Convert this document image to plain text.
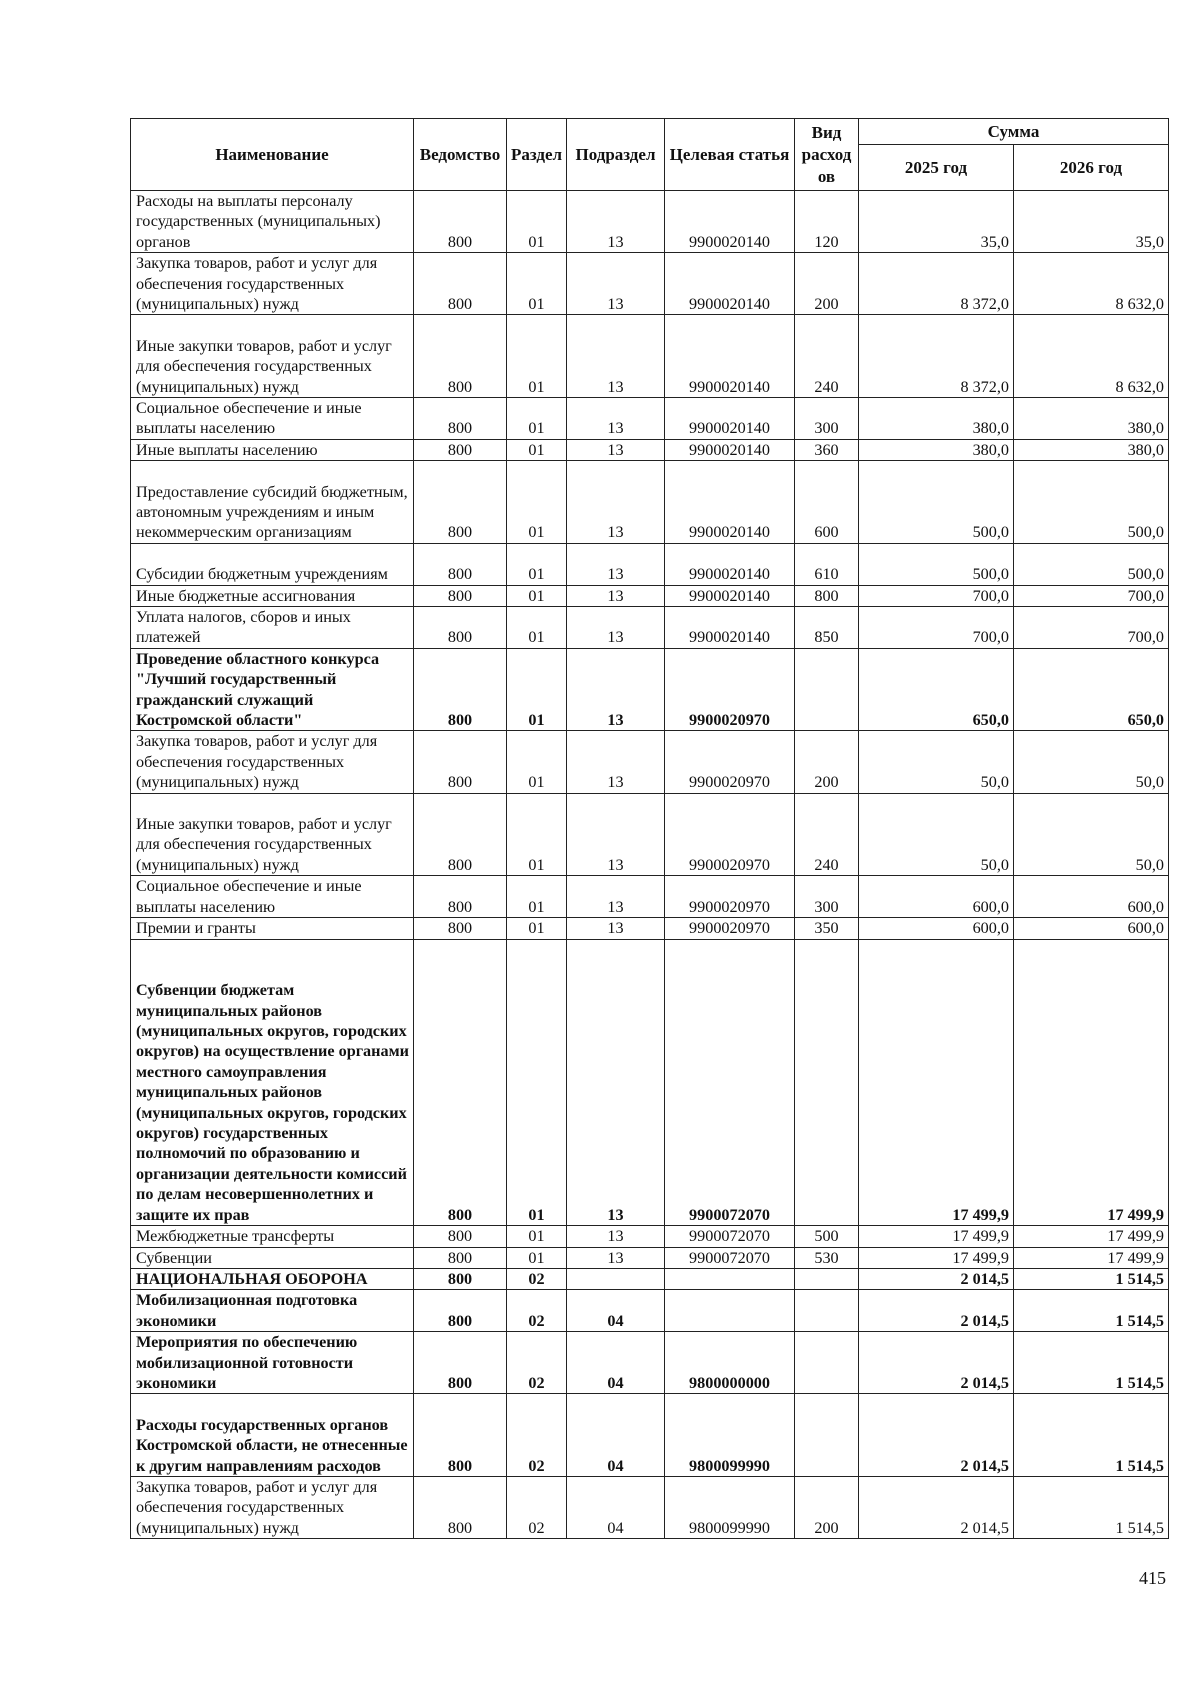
Наименование	Ведомство	Раздел	Подраздел	Целевая статья	Вид расход ов	Сумма	
						2025 год	2026 год
Расходы на выплаты персоналу государственных (муниципальных) органов	800	01	13	9900020140	120	35,0	35,0
Закупка товаров, работ и услуг для обеспечения государственных (муниципальных) нужд	800	01	13	9900020140	200	8 372,0	8 632,0
Иные закупки товаров, работ и услуг для обеспечения государственных (муниципальных) нужд	800	01	13	9900020140	240	8 372,0	8 632,0
Социальное обеспечение и иные выплаты населению	800	01	13	9900020140	300	380,0	380,0
Иные выплаты населению	800	01	13	9900020140	360	380,0	380,0
Предоставление субсидий бюджетным, автономным учреждениям и иным некоммерческим организациям	800	01	13	9900020140	600	500,0	500,0
Субсидии бюджетным учреждениям	800	01	13	9900020140	610	500,0	500,0
Иные бюджетные ассигнования	800	01	13	9900020140	800	700,0	700,0
Уплата налогов, сборов и иных платежей	800	01	13	9900020140	850	700,0	700,0
Проведение областного конкурса "Лучший государственный гражданский служащий Костромской области"	800	01	13	9900020970		650,0	650,0
Закупка товаров, работ и услуг для обеспечения государственных (муниципальных) нужд	800	01	13	9900020970	200	50,0	50,0
Иные закупки товаров, работ и услуг для обеспечения государственных (муниципальных) нужд	800	01	13	9900020970	240	50,0	50,0
Социальное обеспечение и иные выплаты населению	800	01	13	9900020970	300	600,0	600,0
Премии и гранты	800	01	13	9900020970	350	600,0	600,0
Субвенции бюджетам муниципальных районов (муниципальных округов, городских округов) на осуществление органами местного самоуправления муниципальных районов (муниципальных округов, городских округов) государственных полномочий по образованию и организации деятельности комиссий по делам несовершеннолетних и защите их прав	800	01	13	9900072070		17 499,9	17 499,9
Межбюджетные трансферты	800	01	13	9900072070	500	17 499,9	17 499,9
Субвенции	800	01	13	9900072070	530	17 499,9	17 499,9
НАЦИОНАЛЬНАЯ ОБОРОНА	800	02				2 014,5	1 514,5
Мобилизационная подготовка экономики	800	02	04			2 014,5	1 514,5
Мероприятия по обеспечению мобилизационной готовности экономики	800	02	04	9800000000		2 014,5	1 514,5
Расходы государственных органов Костромской области, не отнесенные к другим направлениям расходов	800	02	04	9800099990		2 014,5	1 514,5
Закупка товаров, работ и услуг для обеспечения государственных (муниципальных) нужд	800	02	04	9800099990	200	2 014,5	1 514,5
415
